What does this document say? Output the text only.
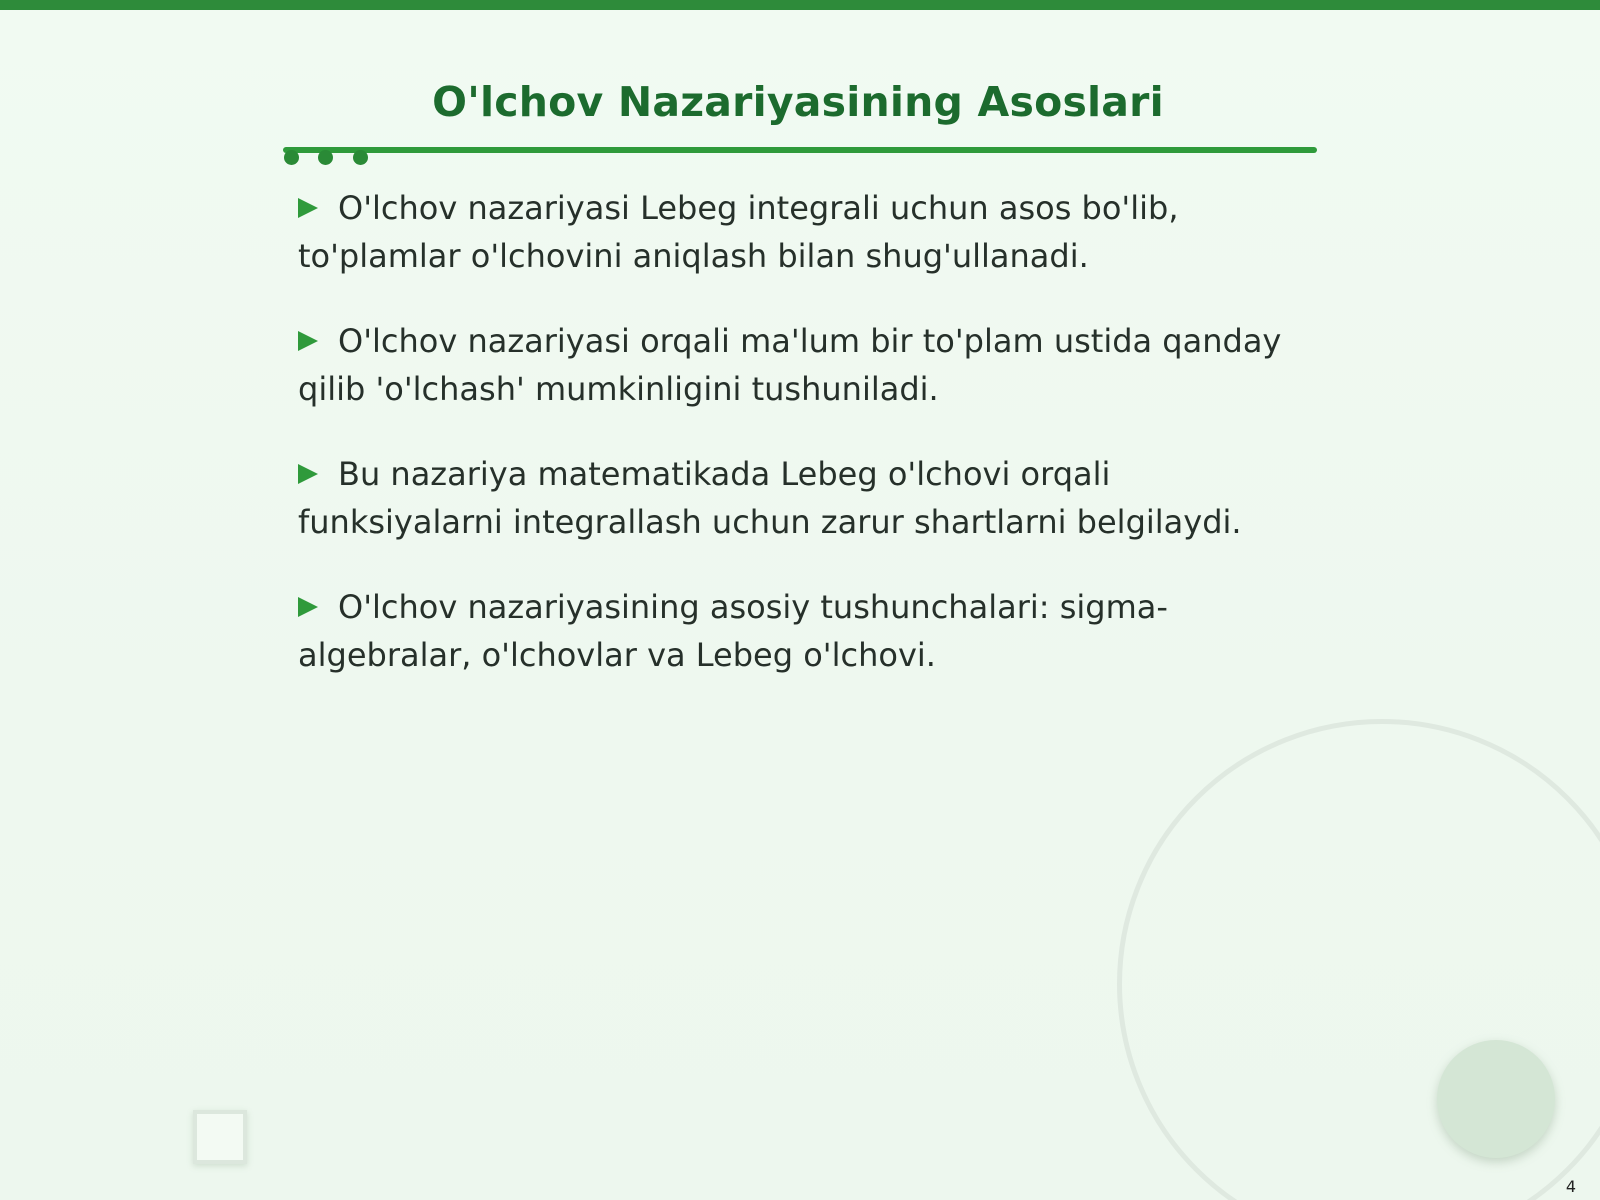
O'lchov Nazariyasining Asoslari
O'lchov nazariyasi Lebeg integrali uchun asos bo'lib, to'plamlar o'lchovini aniqlash bilan shug'ullanadi.
O'lchov nazariyasi orqali ma'lum bir to'plam ustida qanday qilib 'o'lchash' mumkinligini tushuniladi.
Bu nazariya matematikada Lebeg o'lchovi orqali funksiyalarni integrallash uchun zarur shartlarni belgilaydi.
O'lchov nazariyasining asosiy tushunchalari: sigma-algebralar, o'lchovlar va Lebeg o'lchovi.
4
